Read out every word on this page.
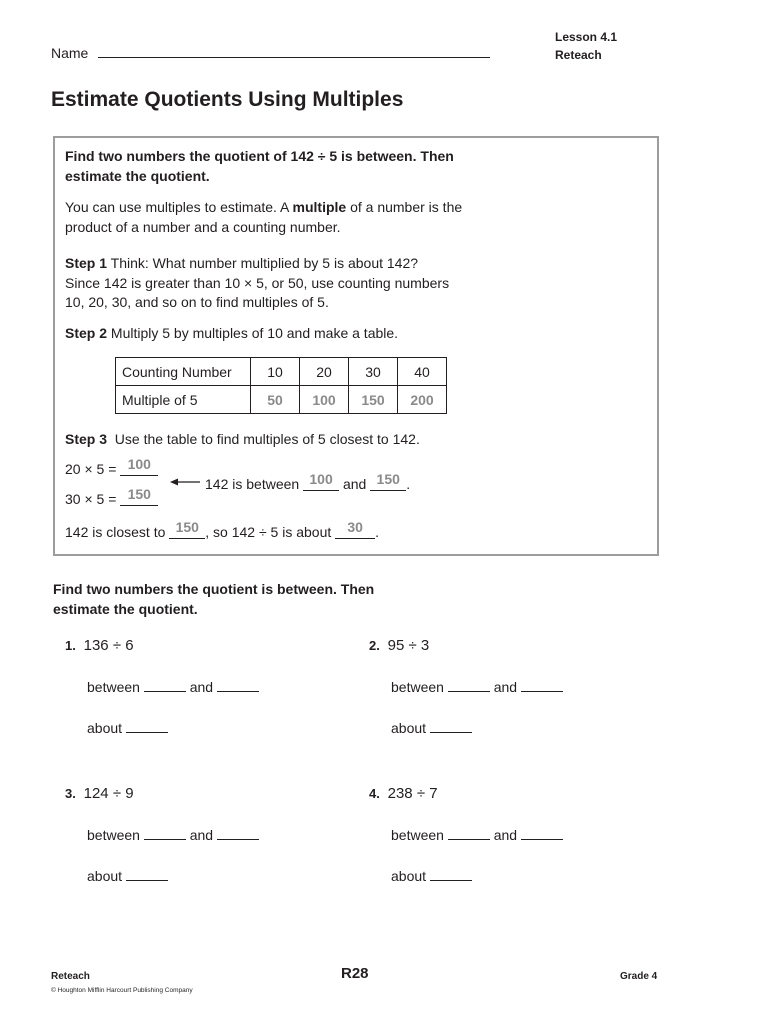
Name
Lesson 4.1
Reteach
Estimate Quotients Using Multiples
Find two numbers the quotient of 142 ÷ 5 is between. Then
estimate the quotient.
You can use multiples to estimate. A multiple of a number is the
product of a number and a counting number.
Step 1 Think: What number multiplied by 5 is about 142?
Since 142 is greater than 10 × 5, or 50, use counting numbers
10, 20, 30, and so on to find multiples of 5.
Step 2 Multiply 5 by multiples of 10 and make a table.
Counting Number	10	20	30	40
Multiple of 5	50	100	150	200
Step 3 Use the table to find multiples of 5 closest to 142.
20 × 5 = 100
30 × 5 = 150
142 is between 100 and 150 .
142 is closest to 150 , so 142 ÷ 5 is about 30 .
Find two numbers the quotient is between. Then
estimate the quotient.
1. 136 ÷ 6
between	and
about
2. 95 ÷ 3
between	and
about
3. 124 ÷ 9
between	and
about
4. 238 ÷ 7
between	and
about
Reteach
© Houghton Mifflin Harcourt Publishing Company
R28	Grade 4
